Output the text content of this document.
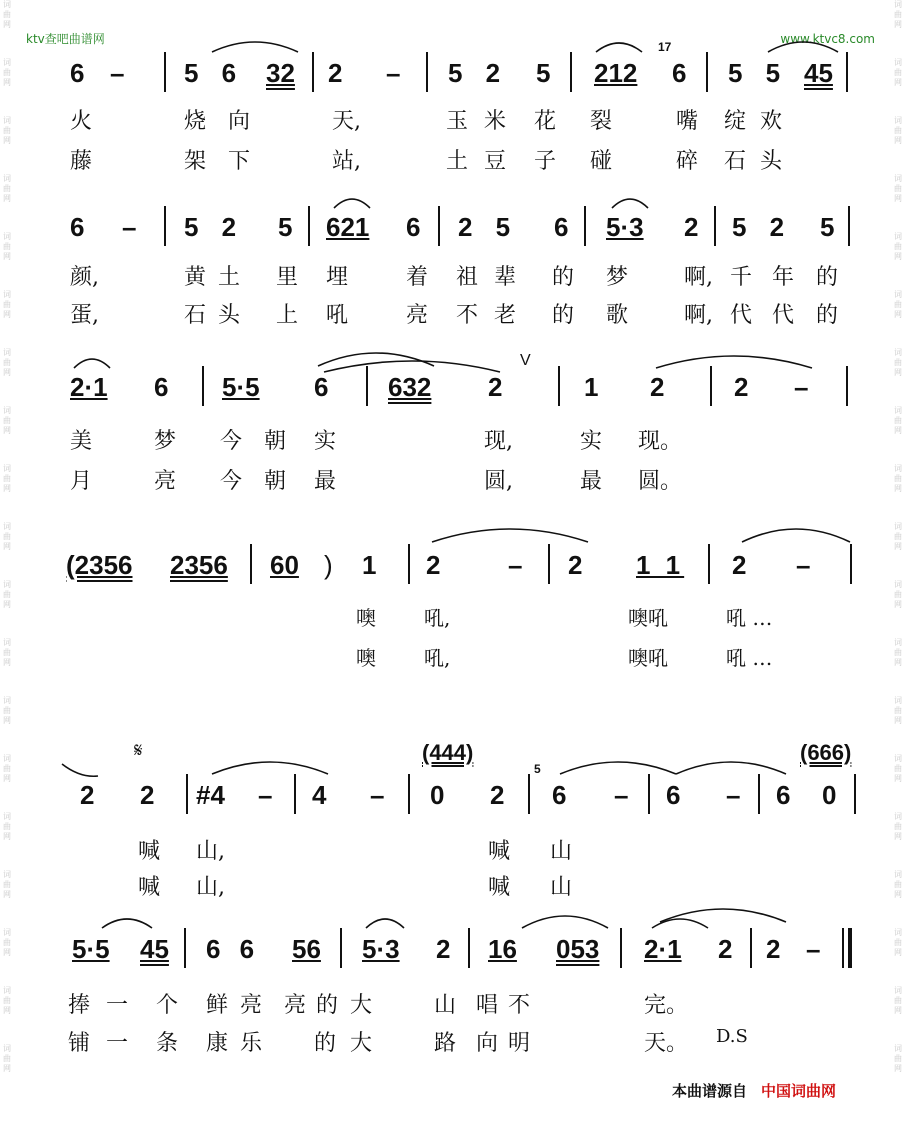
词
曲
网
词
曲
网
词
曲
网
词
曲
网
词
曲
网
词
曲
网
词
曲
网
词
曲
网
词
曲
网
词
曲
网
词
曲
网
词
曲
网
词
曲
网
词
曲
网
词
曲
网
词
曲
网
词
曲
网
词
曲
网
词
曲
网
词
曲
网
词
曲
网
词
曲
网
词
曲
网
词
曲
网
词
曲
网
词
曲
网
词
曲
网
词
曲
网
词
曲
网
词
曲
网
词
曲
网
词
曲
网
词
曲
网
词
曲
网
词
曲
网
词
曲
网
词
曲
网
词
曲
网
ktv查吧曲谱网	www.ktvc8.com
6 – 5 6 32 2 – 5 2 5 212
17
6 5 5 45
火	烧 向	天,	玉 米 花 裂	嘴 绽 欢
藤	架 下	站,	土 豆 子 碰	碎 石 头
6 – 5 2 5 621 6 2 5 6 5·3 2 5 2 5
颜,	黄 土 里 埋	着 祖 辈 的 梦	啊, 千 年 的
蛋,	石 头 上 吼	亮 不 老 的 歌	啊, 代 代 的
2·1 6 5·5 6 632 2
V
1 2	2 –
美	梦 今 朝 实	现,	实 现。
月	亮 今 朝 最	圆,	最 圆。
(2356 2356 60 ) 1 2	– 2 1 1 2 –
噢 吼,	噢吼	吼 …
噢 吼,	噢吼	吼 …
𝄋
2 2 #4 – 4 –
(444)
0 2
5
6 – 6 –
(666)
6 0
喊 山,	喊 山
喊 山,	喊 山
5·5 45 6 6 56 5·3 2 16 053 2·1 2 2 –
捧 一 个 鲜 亮 亮 的 大	山 唱 不	完。
铺 一 条 康 乐 的 大	路 向 明	天。 D.S
本曲谱源自 中国词曲网
